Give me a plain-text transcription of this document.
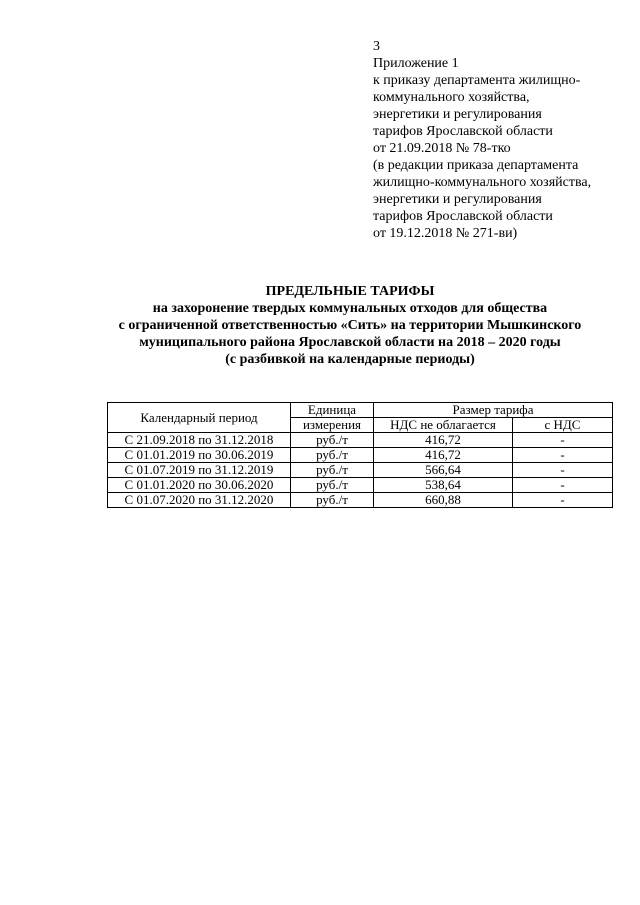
3
Приложение 1
к приказу департамента жилищно-
коммунального хозяйства,
энергетики и регулирования
тарифов Ярославской области
от 21.09.2018 № 78-тко
(в редакции приказа департамента
жилищно-коммунального хозяйства,
энергетики и регулирования
тарифов Ярославской области
от 19.12.2018 № 271-ви)
ПРЕДЕЛЬНЫЕ ТАРИФЫ
на захоронение твердых коммунальных отходов для общества
с ограниченной ответственностью «Сить» на территории Мышкинского
муниципального района Ярославской области на 2018 – 2020 годы
(с разбивкой на календарные периоды)
Календарный период	Единица	Размер тарифа	
	измерения	НДС не облагается	с НДС
С 21.09.2018 по 31.12.2018	руб./т	416,72	-
С 01.01.2019 по 30.06.2019	руб./т	416,72	-
С 01.07.2019 по 31.12.2019	руб./т	566,64	-
С 01.01.2020 по 30.06.2020	руб./т	538,64	-
С 01.07.2020 по 31.12.2020	руб./т	660,88	-
